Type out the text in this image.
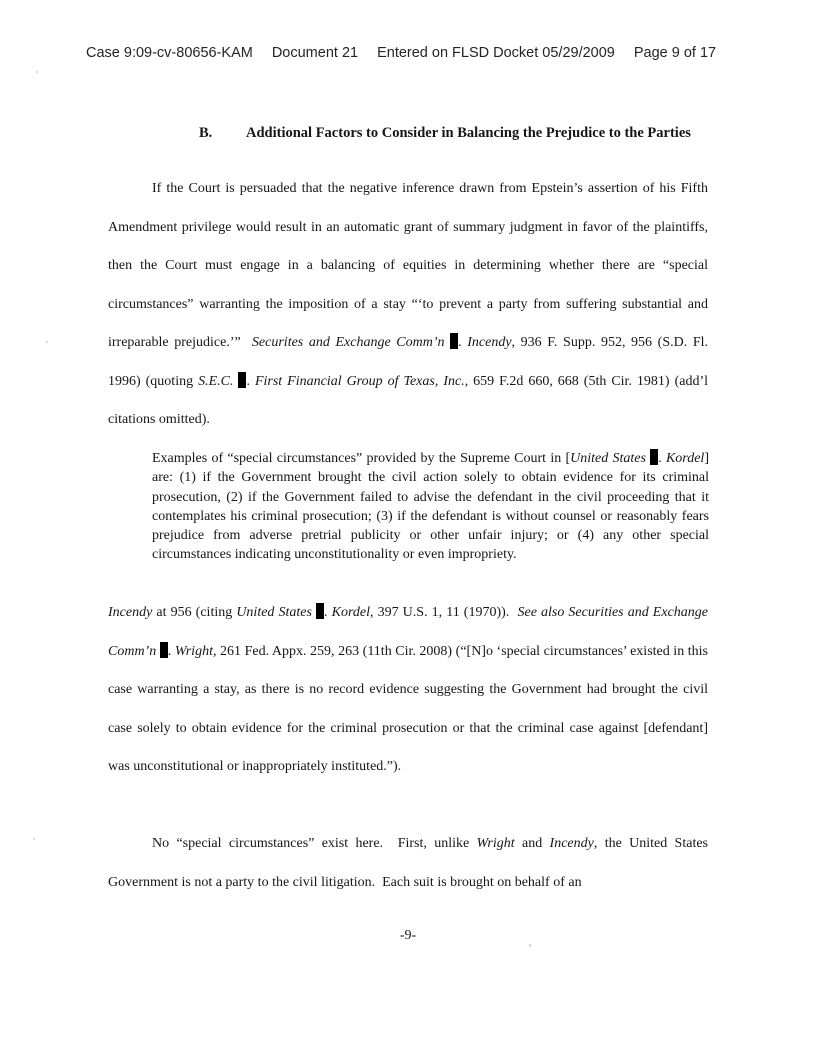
Case 9:09-cv-80656-KAM Document 21 Entered on FLSD Docket 05/29/2009 Page 9 of 17
B.	Additional Factors to Consider in Balancing the Prejudice to the Parties

If the Court is persuaded that the negative inference drawn from Epstein’s assertion of his Fifth Amendment privilege would result in an automatic grant of summary judgment in favor of the plaintiffs, then the Court must engage in a balancing of equities in determining whether there are “special circumstances” warranting the imposition of a stay “‘to prevent a party from suffering substantial and irreparable prejudice.’”  Securites and Exchange Comm’n . Incendy, 936 F. Supp. 952, 956 (S.D. Fl. 1996) (quoting S.E.C. . First Financial Group of Texas, Inc., 659 F.2d 660, 668 (5th Cir. 1981) (add’l citations omitted).

Examples of “special circumstances” provided by the Supreme Court in [United States . Kordel] are: (1) if the Government brought the civil action solely to obtain evidence for its criminal prosecution, (2) if the Government failed to advise the defendant in the civil proceeding that it contemplates his criminal prosecution; (3) if the defendant is without counsel or reasonably fears prejudice from adverse pretrial publicity or other unfair injury; or (4) any other special circumstances indicating unconstitutionality or even impropriety.

Incendy at 956 (citing United States . Kordel, 397 U.S. 1, 11 (1970)).  See also Securities and Exchange Comm’n . Wright, 261 Fed. Appx. 259, 263 (11th Cir. 2008) (“[N]o ‘special circumstances’ existed in this case warranting a stay, as there is no record evidence suggesting the Government had brought the civil case solely to obtain evidence for the criminal prosecution or that the criminal case against [defendant] was unconstitutional or inappropriately instituted.”).

No “special circumstances” exist here.  First, unlike Wright and Incendy, the United States Government is not a party to the civil litigation.  Each suit is brought on behalf of an

-9-
